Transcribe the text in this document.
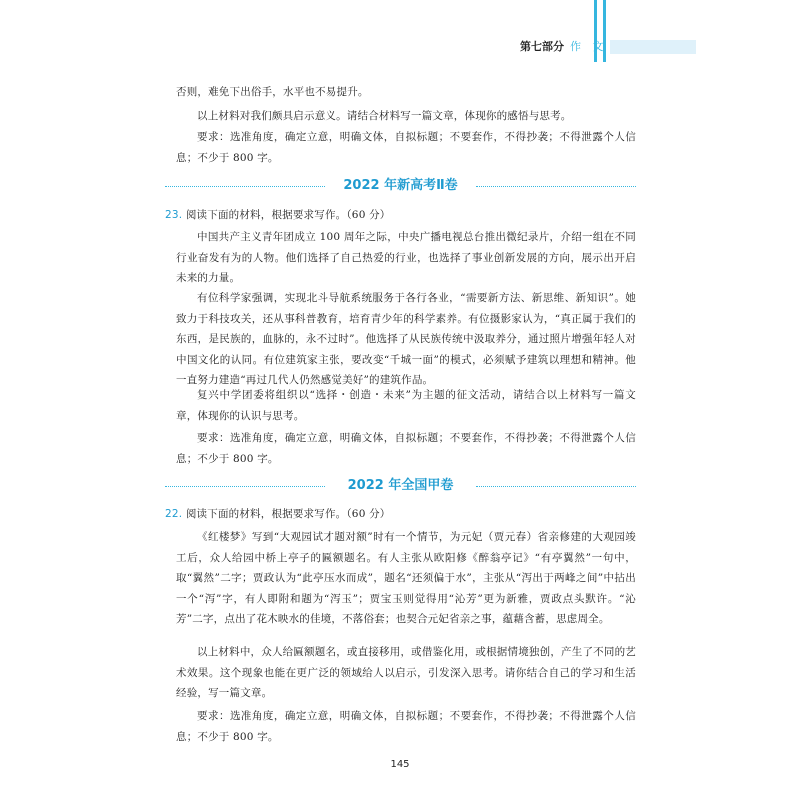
第七部分 作 文

否则，难免下出俗手，水平也不易提升。

以上材料对我们颇具启示意义。请结合材料写一篇文章，体现你的感悟与思考。

要求：选准角度，确定立意，明确文体，自拟标题；不要套作，不得抄袭；不得泄露个人信息；不少于 800 字。

2022 年新高考Ⅱ卷

23. 阅读下面的材料，根据要求写作。（60 分）

中国共产主义青年团成立 100 周年之际，中央广播电视总台推出微纪录片，介绍一组在不同行业奋发有为的人物。他们选择了自己热爱的行业，也选择了事业创新发展的方向，展示出开启未来的力量。

有位科学家强调，实现北斗导航系统服务于各行各业，“需要新方法、新思维、新知识”。她致力于科技攻关，还从事科普教育，培育青少年的科学素养。有位摄影家认为，“真正属于我们的东西，是民族的，血脉的，永不过时”。他选择了从民族传统中汲取养分，通过照片增强年轻人对中国文化的认同。有位建筑家主张，要改变“千城一面”的模式，必须赋予建筑以理想和精神。他一直努力建造“再过几代人仍然感觉美好”的建筑作品。

复兴中学团委将组织以“选择・创造・未来”为主题的征文活动，请结合以上材料写一篇文章，体现你的认识与思考。

要求：选准角度，确定立意，明确文体，自拟标题；不要套作，不得抄袭；不得泄露个人信息；不少于 800 字。

2022 年全国甲卷

22. 阅读下面的材料，根据要求写作。（60 分）

《红楼梦》写到“大观园试才题对额”时有一个情节，为元妃（贾元春）省亲修建的大观园竣工后，众人给园中桥上亭子的匾额题名。有人主张从欧阳修《醉翁亭记》“有亭翼然”一句中，取“翼然”二字；贾政认为“此亭压水而成”，题名“还须偏于水”，主张从“泻出于两峰之间”中拈出一个“泻”字，有人即附和题为“泻玉”；贾宝玉则觉得用“沁芳”更为新雅，贾政点头默许。“沁芳”二字，点出了花木映水的佳境，不落俗套；也契合元妃省亲之事，蕴藉含蓄，思虑周全。

以上材料中，众人给匾额题名，或直接移用，或借鉴化用，或根据情境独创，产生了不同的艺术效果。这个现象也能在更广泛的领域给人以启示，引发深入思考。请你结合自己的学习和生活经验，写一篇文章。

要求：选准角度，确定立意，明确文体，自拟标题；不要套作，不得抄袭；不得泄露个人信息；不少于 800 字。

145
